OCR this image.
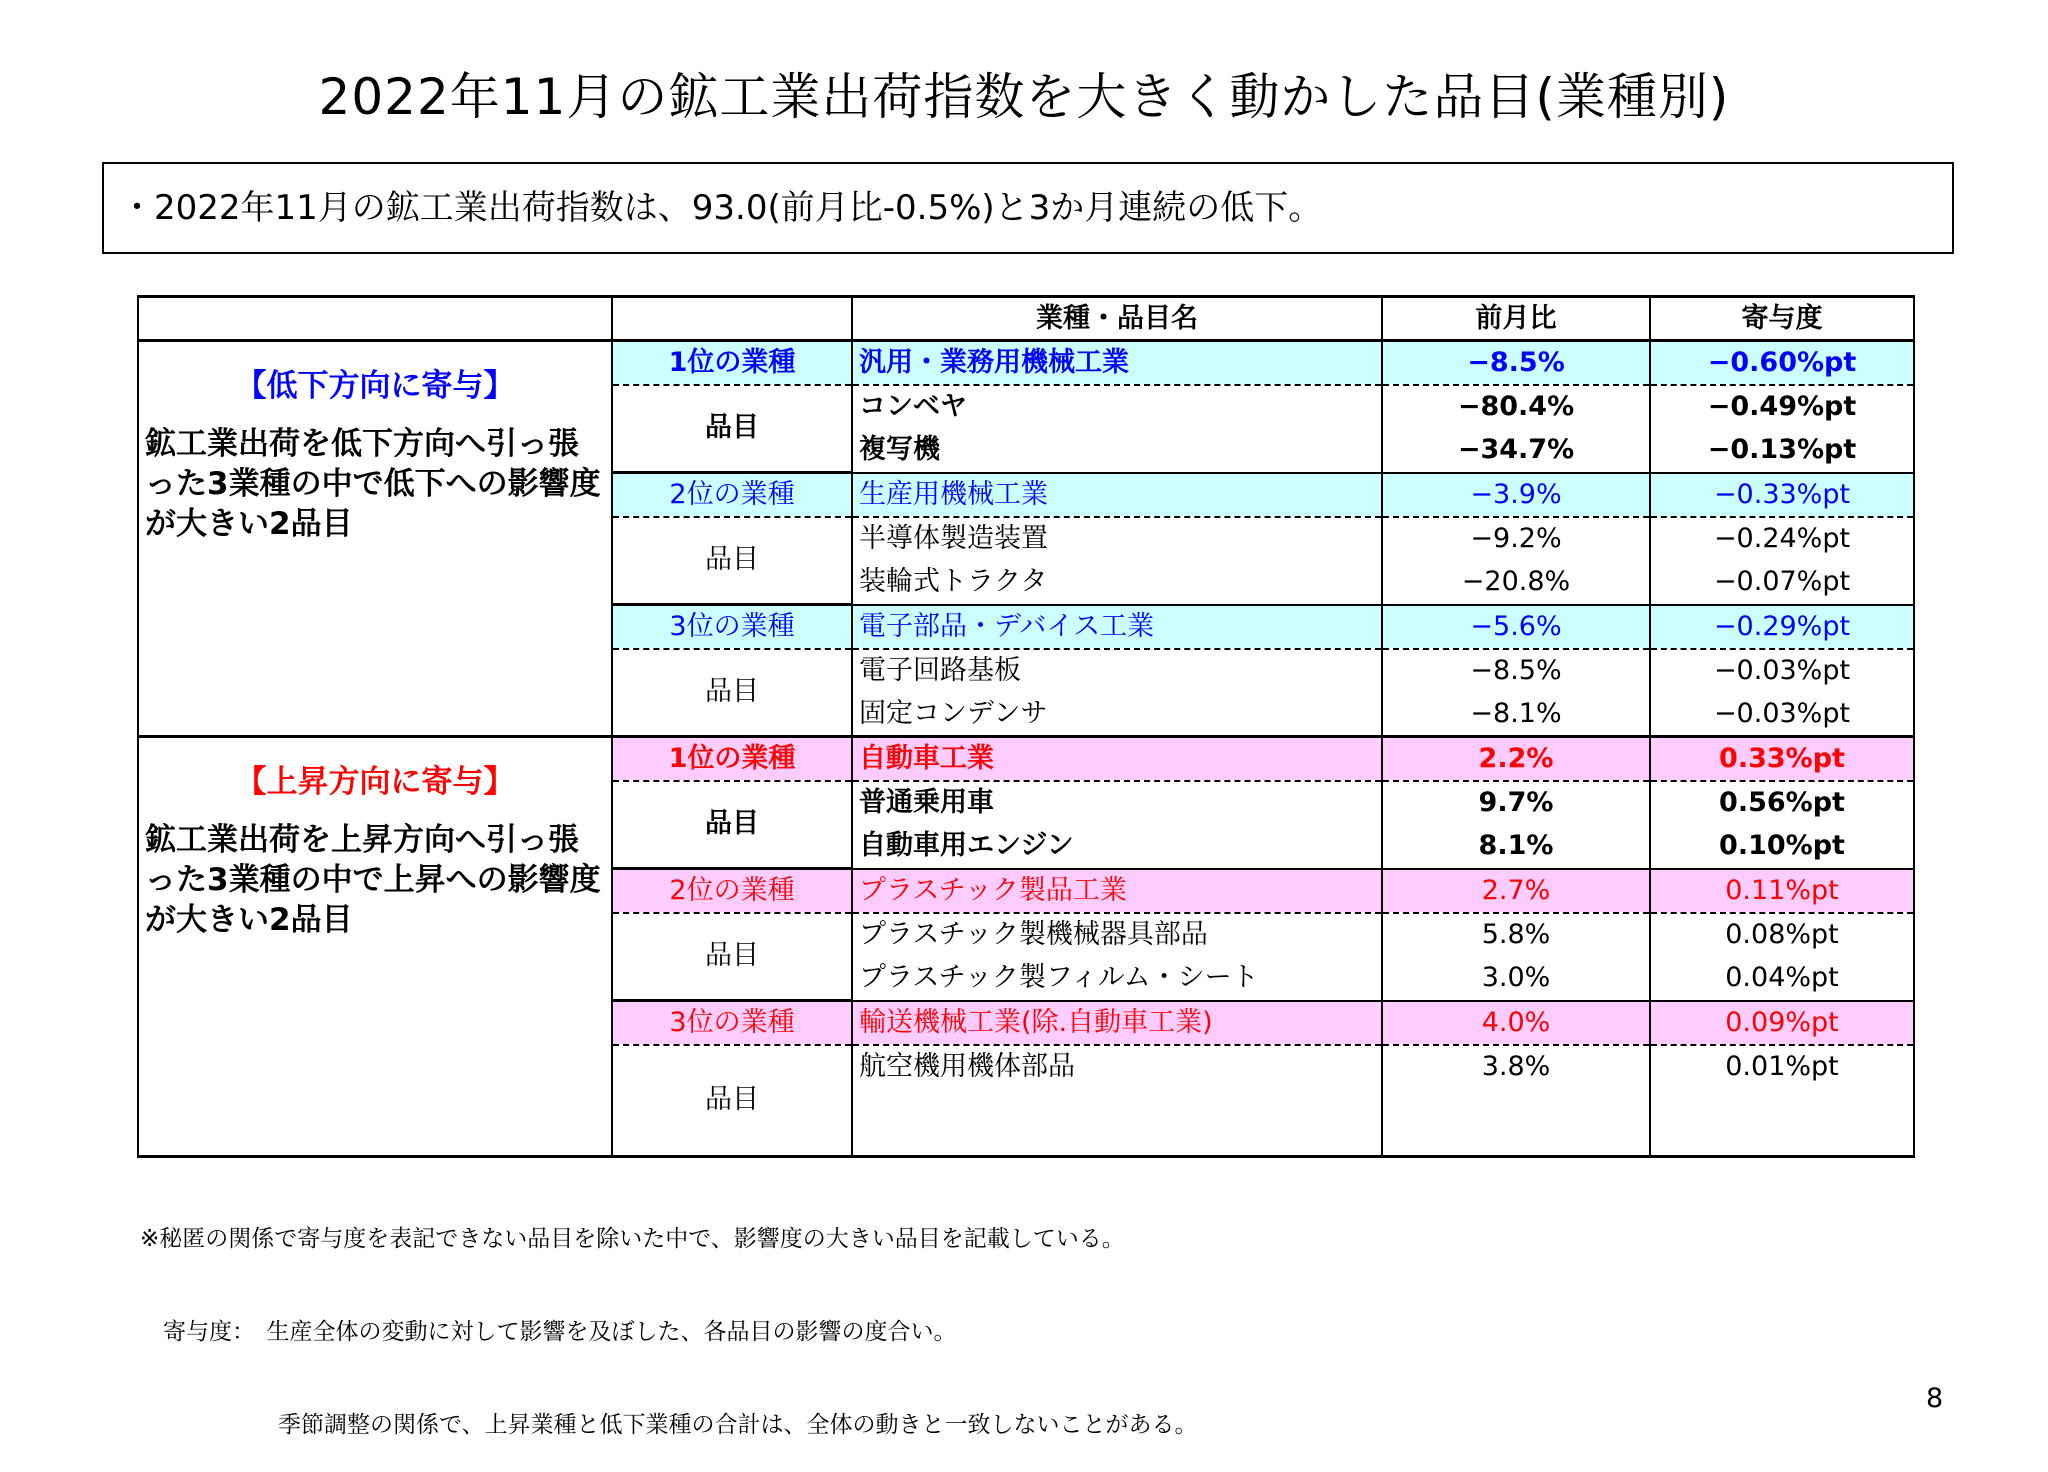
2022年11月の鉱工業出荷指数を大きく動かした品目(業種別)
・2022年11月の鉱工業出荷指数は、93.0(前月比-0.5%)と3か月連続の低下。
		業種・品目名	前月比	寄与度

【低下方向に寄与】
鉱工業出荷を低下方向へ引っ張った3業種の中で低下への影響度が大きい2品目	1位の業種	汎用・業務用機械工業	−8.5%	−0.60%pt
	品目	コンベヤ	−80.4%	−0.49%pt
		複写機	−34.7%	−0.13%pt
	2位の業種	生産用機械工業	−3.9%	−0.33%pt
	品目	半導体製造装置	−9.2%	−0.24%pt
		装輪式トラクタ	−20.8%	−0.07%pt
	3位の業種	電子部品・デバイス工業	−5.6%	−0.29%pt
	品目	電子回路基板	−8.5%	−0.03%pt
		固定コンデンサ	−8.1%	−0.03%pt

【上昇方向に寄与】
鉱工業出荷を上昇方向へ引っ張った3業種の中で上昇への影響度が大きい2品目	1位の業種	自動車工業	2.2%	0.33%pt
	品目	普通乗用車	9.7%	0.56%pt
		自動車用エンジン	8.1%	0.10%pt
	2位の業種	プラスチック製品工業	2.7%	0.11%pt
	品目	プラスチック製機械器具部品	5.8%	0.08%pt
		プラスチック製フィルム・シート	3.0%	0.04%pt
	3位の業種	輸送機械工業(除.自動車工業)	4.0%	0.09%pt
	品目	航空機用機体部品	3.8%	0.01%pt

※秘匿の関係で寄与度を表記できない品目を除いた中で、影響度の大きい品目を記載している。

　寄与度：　生産全体の変動に対して影響を及ぼした、各品目の影響の度合い。

　　　　　　季節調整の関係で、上昇業種と低下業種の合計は、全体の動きと一致しないことがある。

8
